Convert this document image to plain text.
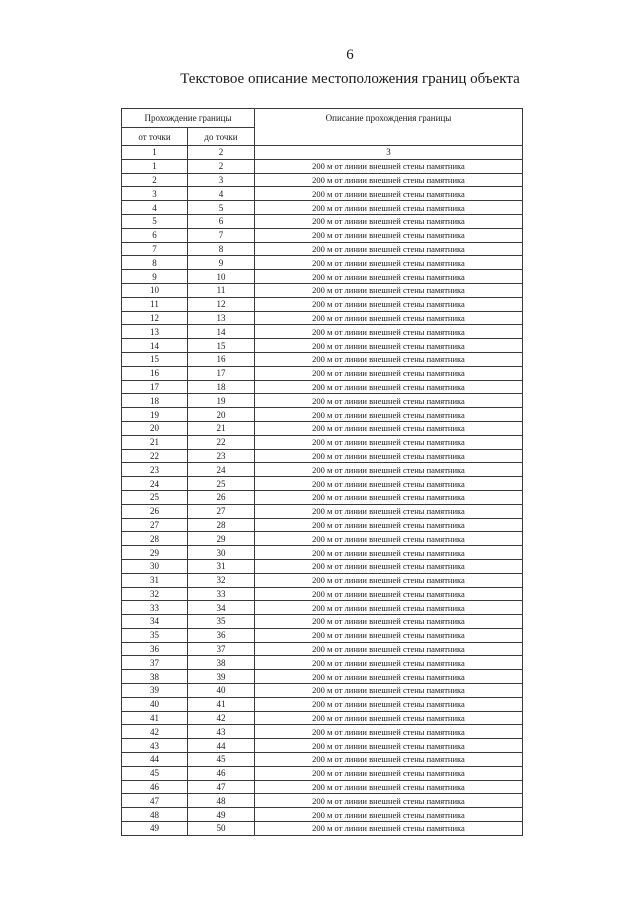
6
Текстовое описание местоположения границ объекта
Прохождение границы		Описание прохождения границы
от точки	до точки	
1	2	3
1	2	200 м от линии внешней стены памятника
2	3	200 м от линии внешней стены памятника
3	4	200 м от линии внешней стены памятника
4	5	200 м от линии внешней стены памятника
5	6	200 м от линии внешней стены памятника
6	7	200 м от линии внешней стены памятника
7	8	200 м от линии внешней стены памятника
8	9	200 м от линии внешней стены памятника
9	10	200 м от линии внешней стены памятника
10	11	200 м от линии внешней стены памятника
11	12	200 м от линии внешней стены памятника
12	13	200 м от линии внешней стены памятника
13	14	200 м от линии внешней стены памятника
14	15	200 м от линии внешней стены памятника
15	16	200 м от линии внешней стены памятника
16	17	200 м от линии внешней стены памятника
17	18	200 м от линии внешней стены памятника
18	19	200 м от линии внешней стены памятника
19	20	200 м от линии внешней стены памятника
20	21	200 м от линии внешней стены памятника
21	22	200 м от линии внешней стены памятника
22	23	200 м от линии внешней стены памятника
23	24	200 м от линии внешней стены памятника
24	25	200 м от линии внешней стены памятника
25	26	200 м от линии внешней стены памятника
26	27	200 м от линии внешней стены памятника
27	28	200 м от линии внешней стены памятника
28	29	200 м от линии внешней стены памятника
29	30	200 м от линии внешней стены памятника
30	31	200 м от линии внешней стены памятника
31	32	200 м от линии внешней стены памятника
32	33	200 м от линии внешней стены памятника
33	34	200 м от линии внешней стены памятника
34	35	200 м от линии внешней стены памятника
35	36	200 м от линии внешней стены памятника
36	37	200 м от линии внешней стены памятника
37	38	200 м от линии внешней стены памятника
38	39	200 м от линии внешней стены памятника
39	40	200 м от линии внешней стены памятника
40	41	200 м от линии внешней стены памятника
41	42	200 м от линии внешней стены памятника
42	43	200 м от линии внешней стены памятника
43	44	200 м от линии внешней стены памятника
44	45	200 м от линии внешней стены памятника
45	46	200 м от линии внешней стены памятника
46	47	200 м от линии внешней стены памятника
47	48	200 м от линии внешней стены памятника
48	49	200 м от линии внешней стены памятника
49	50	200 м от линии внешней стены памятника
